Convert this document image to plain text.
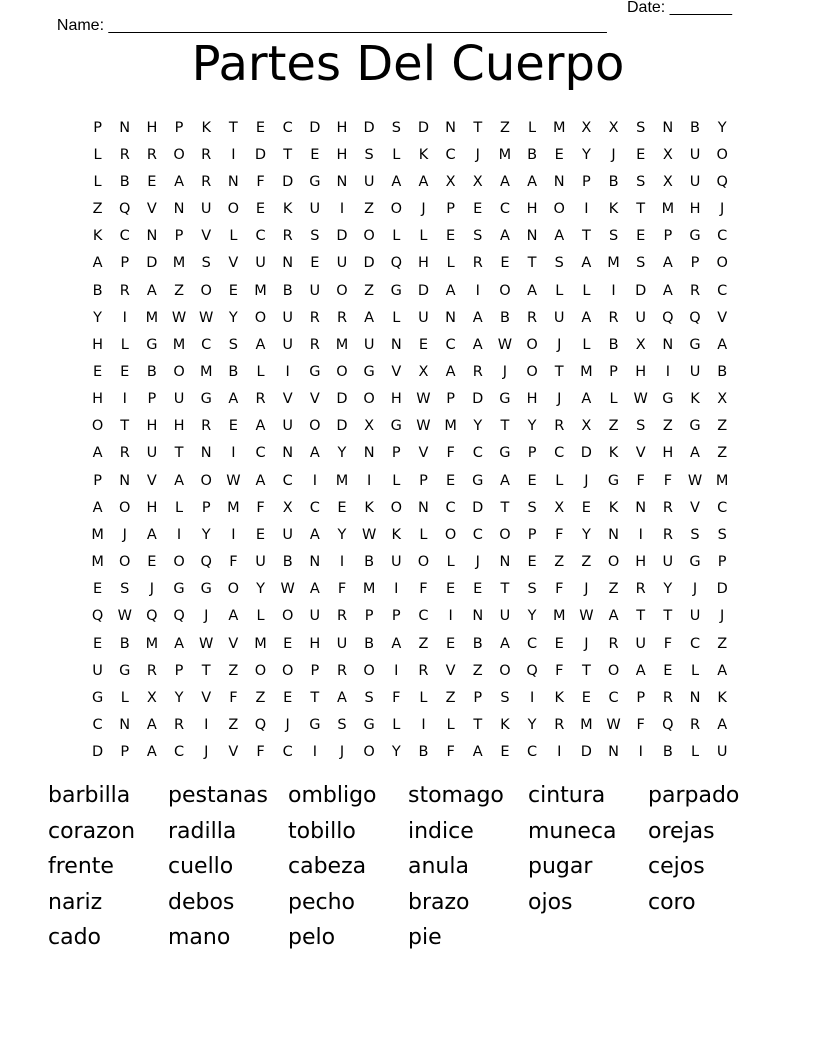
Name: ________________________________________________________

Date: _______

Partes Del Cuerpo
P	N	H	P	K	T	E	C	D	H	D	S	D	N	T	Z	L	M	X	X	S	N	B	Y
L	R	R	O	R	I	D	T	E	H	S	L	K	C	J	M	B	E	Y	J	E	X	U	O
L	B	E	A	R	N	F	D	G	N	U	A	A	X	X	A	A	N	P	B	S	X	U	Q
Z	Q	V	N	U	O	E	K	U	I	Z	O	J	P	E	C	H	O	I	K	T	M	H	J
K	C	N	P	V	L	C	R	S	D	O	L	L	E	S	A	N	A	T	S	E	P	G	C
A	P	D	M	S	V	U	N	E	U	D	Q	H	L	R	E	T	S	A	M	S	A	P	O
B	R	A	Z	O	E	M	B	U	O	Z	G	D	A	I	O	A	L	L	I	D	A	R	C
Y	I	M W W	Y	O	U	R	R	A	L	U	N	A	B	R	U	A	R	U	Q	Q	V
H	L	G	M	C	S	A	U	R	M	U	N	E	C	A	W O	J	L	B	X	N	G	A
E	E	B	O	M	B	L	I	G	O	G	V	X	A	R	J	O	T	M	P	H	I	U	B
H	I	P	U	G	A	R	V	V	D	O	H	W	P	D	G	H	J	A	L	W G	K	X
O	T	H	H	R	E	A	U	O	D	X	G W M	Y	T	Y	R	X	Z	S	Z	G	Z
A	R	U	T	N	I	C	N	A	Y	N	P	V	F	C	G	P	C	D	K	V	H	A	Z
P	N	V	A	O W	A	C	I	M	I	L	P	E	G	A	E	L	J	G	F	F	W M
A	O	H	L	P	M	F	X	C	E	K	O	N	C	D	T	S	X	E	K	N	R	V	C
M	J	A	I	Y	I	E	U	A	Y	W	K	L	O	C	O	P	F	Y	N	I	R	S	S
M	O	E	O	Q	F	U	B	N	I	B	U	O	L	J	N	E	Z	Z	O	H	U	G	P
E	S	J	G	G	O	Y	W	A	F	M	I	F	E	E	T	S	F	J	Z	R	Y	J	D
Q W Q	Q	J	A	L	O	U	R	P	P	C	I	N	U	Y	M W	A	T	T	U	J
E	B	M	A	W	V	M	E	H	U	B	A	Z	E	B	A	C	E	J	R	U	F	C	Z
U	G	R	P	T	Z	O	O	P	R	O	I	R	V	Z	O	Q	F	T	O	A	E	L	A
G	L	X	Y	V	F	Z	E	T	A	S	F	L	Z	P	S	I	K	E	C	P	R	N	K
C	N	A	R	I	Z	Q	J	G	S	G	L	I	L	T	K	Y	R	M W	F	Q	R	A
D	P	A	C	J	V	F	C	I	J	O	Y	B	F	A	E	C	I	D	N	I	B	L	U
barbilla	pestanas ombligo	stomago	cintura	parpado
corazon	radilla	tobillo	indice	muneca	orejas
frente	cuello	cabeza	anula	pugar	cejos
nariz	debos	pecho	brazo	ojos	coro
cado	mano	pelo	pie
